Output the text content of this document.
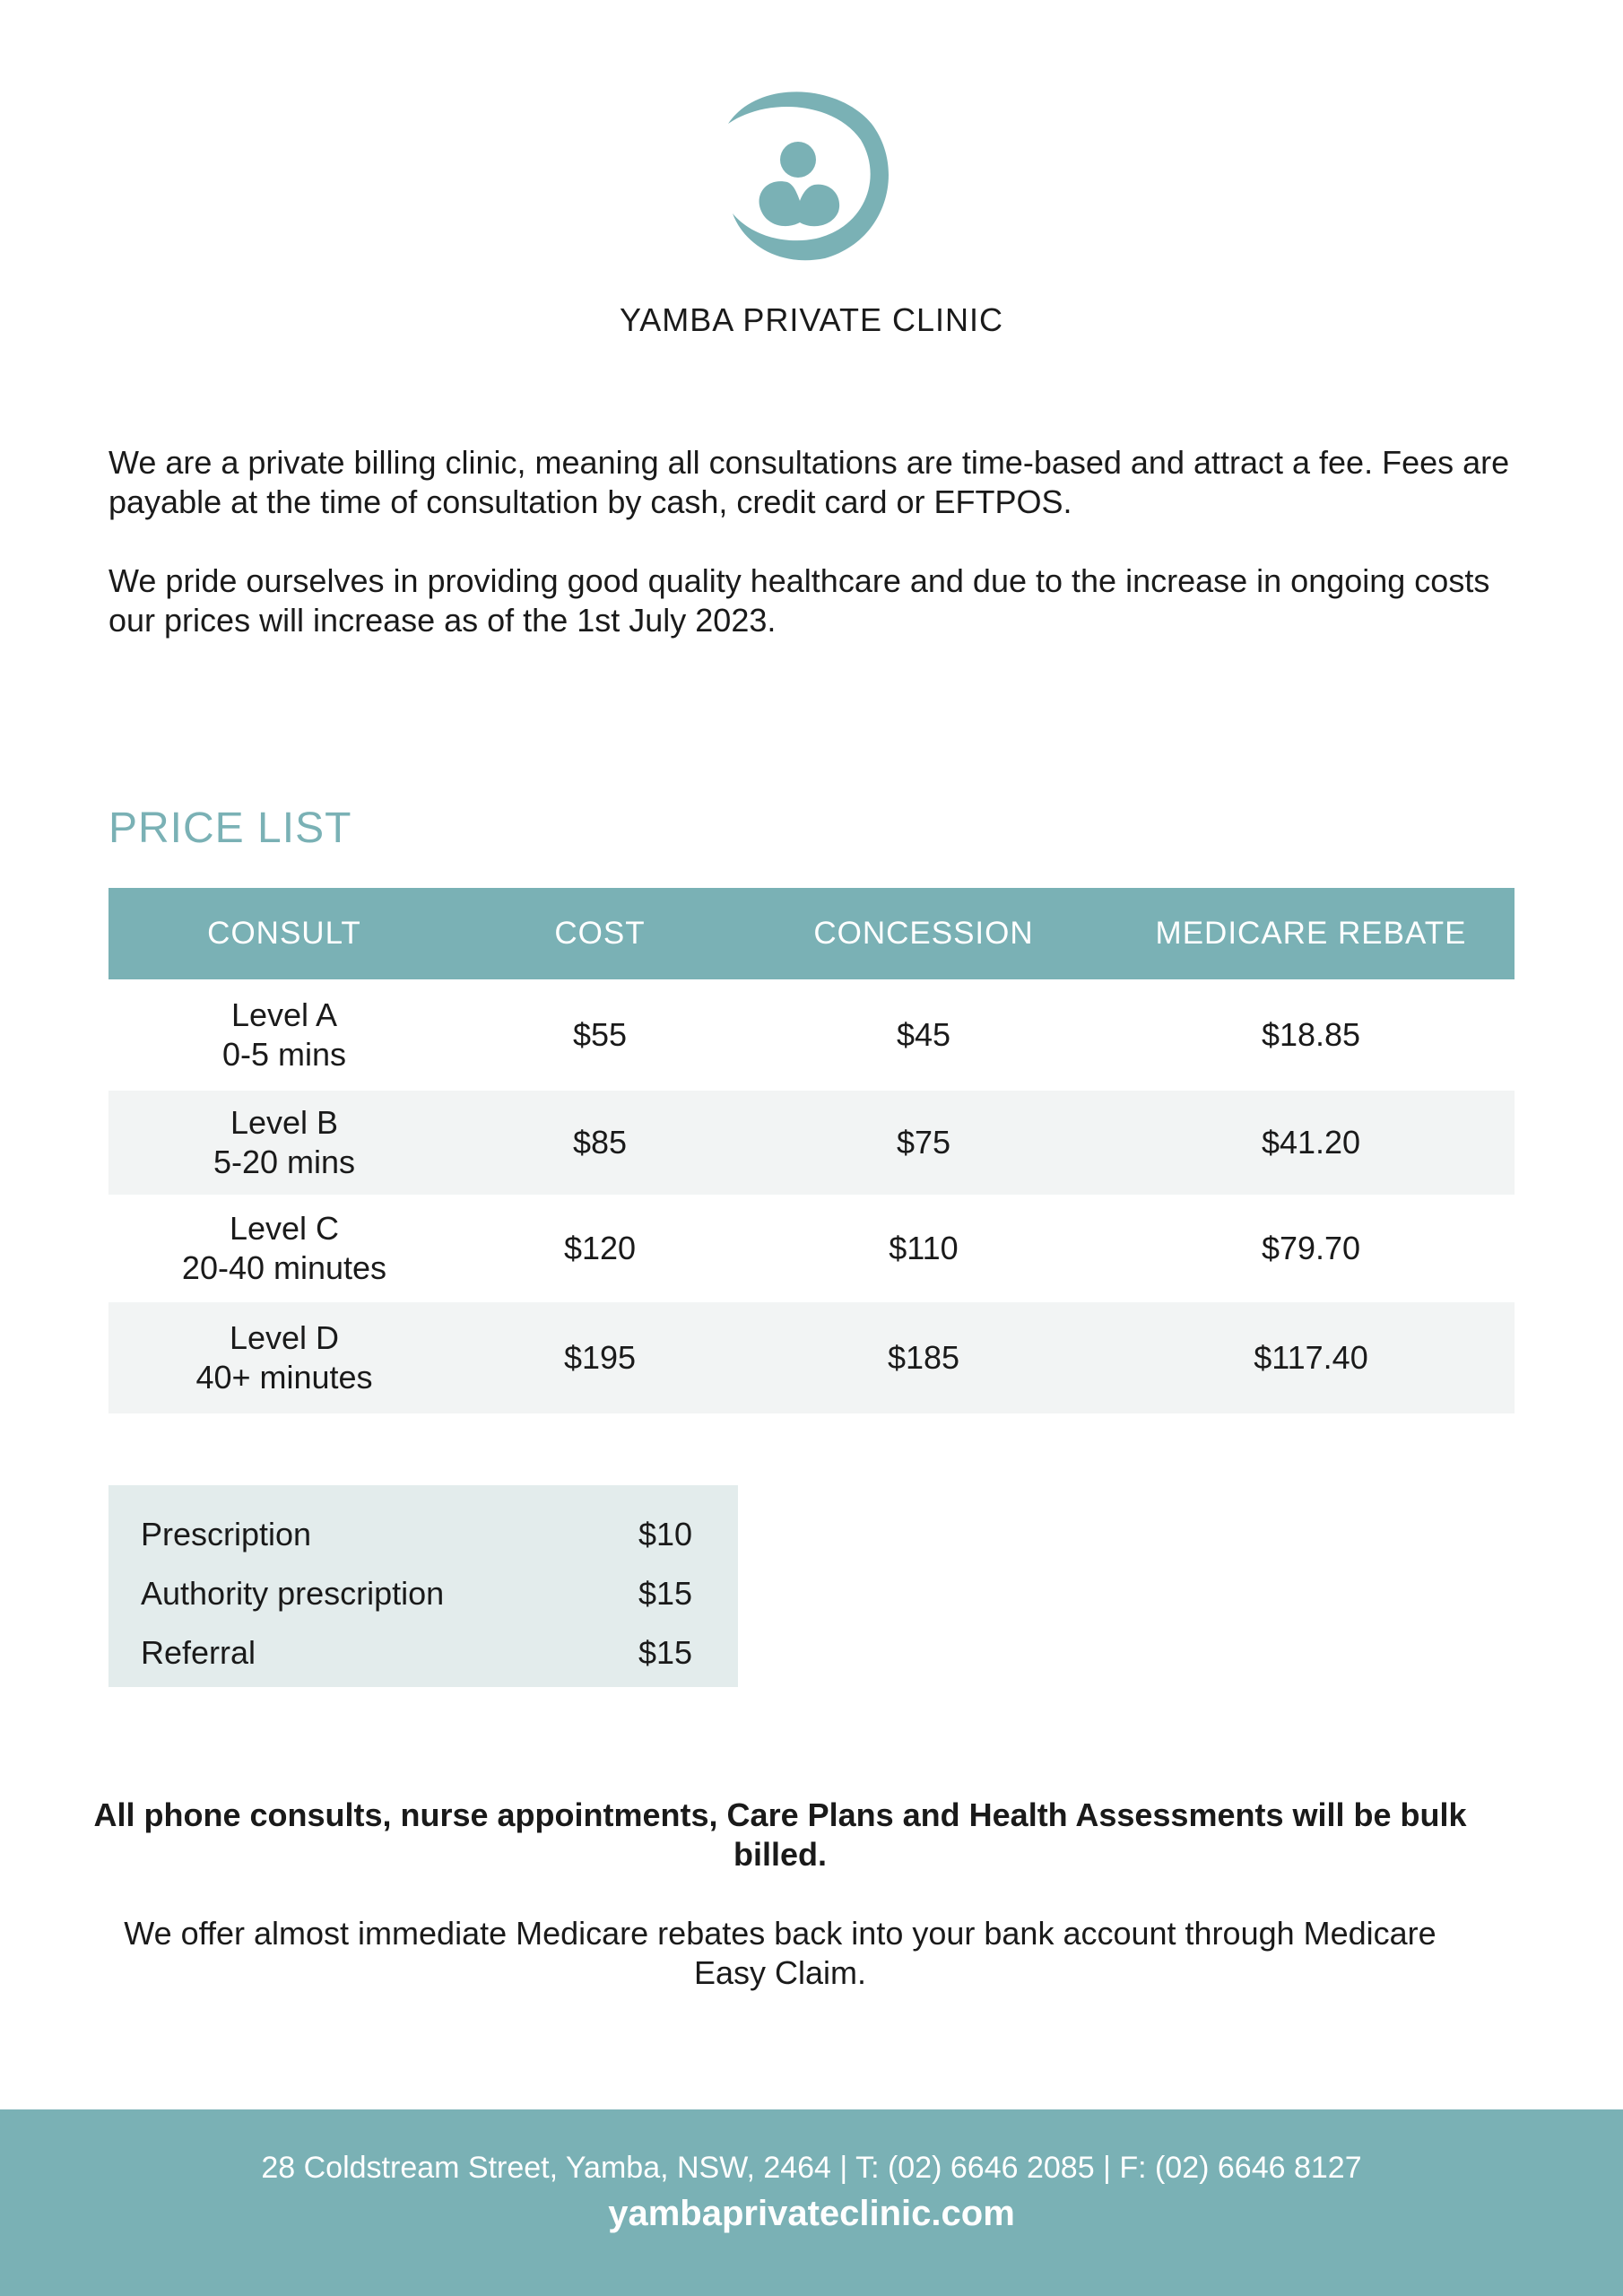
YAMBA PRIVATE CLINIC

We are a private billing clinic, meaning all consultations are time-based and attract a fee. Fees are payable at the time of consultation by cash, credit card or EFTPOS.

We pride ourselves in providing good quality healthcare and due to the increase in ongoing costs our prices will increase as of the 1st July 2023.

PRICE LIST
CONSULT	COST	CONCESSION	MEDICARE REBATE

Level A
0-5 mins	$55	$45	$18.85

Level B
5-20 mins	$85	$75	$41.20

Level C
20-40 minutes	$120	$110	$79.70

Level D
40+ minutes	$195	$185	$117.40
Prescription	$10
Authority prescription	$15
Referral	$15

All phone consults, nurse appointments, Care Plans and Health Assessments will be bulk billed.

We offer almost immediate Medicare rebates back into your bank account through Medicare Easy Claim.

28 Coldstream Street, Yamba, NSW, 2464 | T: (02) 6646 2085 | F: (02) 6646 8127
yambaprivateclinic.com
